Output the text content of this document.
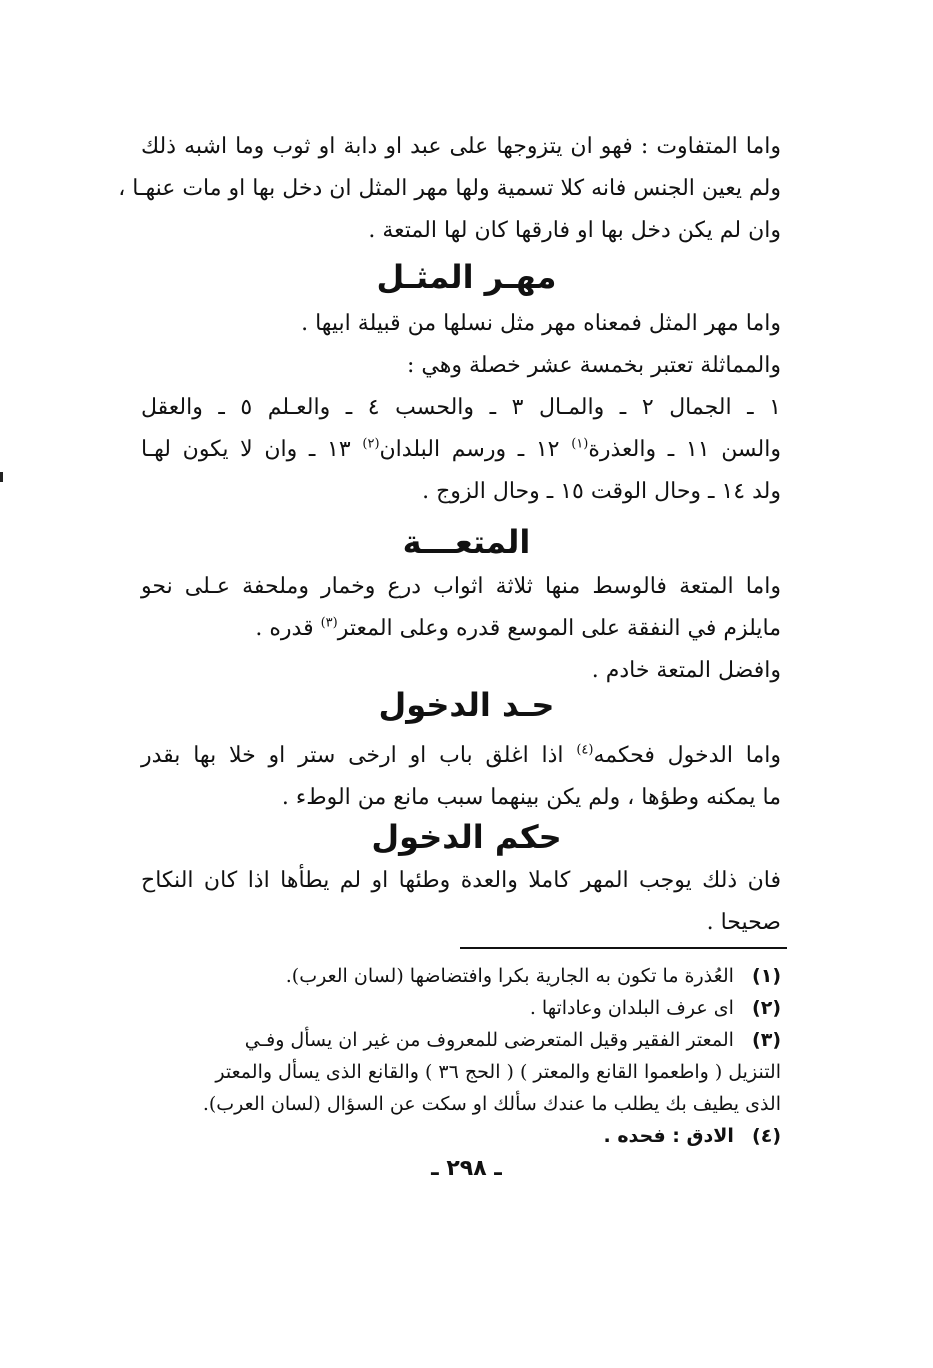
واما المتفاوت : فهو ان يتزوجها على عبد او دابة او ثوب وما اشبه ذلك
ولم يعين الجنس فانه كلا تسمية ولها مهر المثل ان دخل بها او مات عنهـا ،
وان لم يكن دخل بها او فارقها كان لها المتعة .
مهـر المثـل
واما مهر المثل فمعناه مهر مثل نسلها من قبيلة ابيها .
والمماثلة تعتبر بخمسة عشر خصلة وهي :
١ ـ الجمال ٢ ـ والمـال ٣ ـ والحسب ٤ ـ والعـلم ٥ ـ والعقل
والسن ١١ ـ والعذرة$^{(١)}$ ١٢ ـ ورسم البلدان$^{(٢)}$ ١٣ ـ وان لا يكون لهـا
ولد ١٤ ـ وحال الوقت ١٥ ـ وحال الزوج .
المتعـــة
واما المتعة فالوسط منها ثلاثة اثواب درع وخمار وملحفة عـلى نحو
مايلزم في النفقة على الموسع قدره وعلى المعتر$^{(٣)}$ قدره .
وافضل المتعة خادم .
حـد الدخول
واما الدخول فحكمه$^{(٤)}$ اذا اغلق باب او ارخى ستر او خلا بها بقدر
ما يمكنه وطؤها ، ولم يكن بينهما سبب مانع من الوطء .
حكم الدخول
فان ذلك يوجب المهر كاملا والعدة وطئها او لم يطأها اذا كان النكاح
صحيحا .
(١)   العُذرة ما تكون به الجارية بكرا وافتضاضها (لسان العرب).
(٢)   اى عرف البلدان وعاداتها .
(٣)   المعتر الفقير وقيل المتعرضى للمعروف من غير ان يسأل وفـي
التنزيل ( واطعموا القانع والمعتر ) ( الحج ٣٦ ) والقانع الذى يسأل والمعتر
الذى يطيف بك يطلب ما عندك سألك او سكت عن السؤال (لسان العرب).
(٤)   الادق : فحده .
ـ ٢٩٨ ـ
